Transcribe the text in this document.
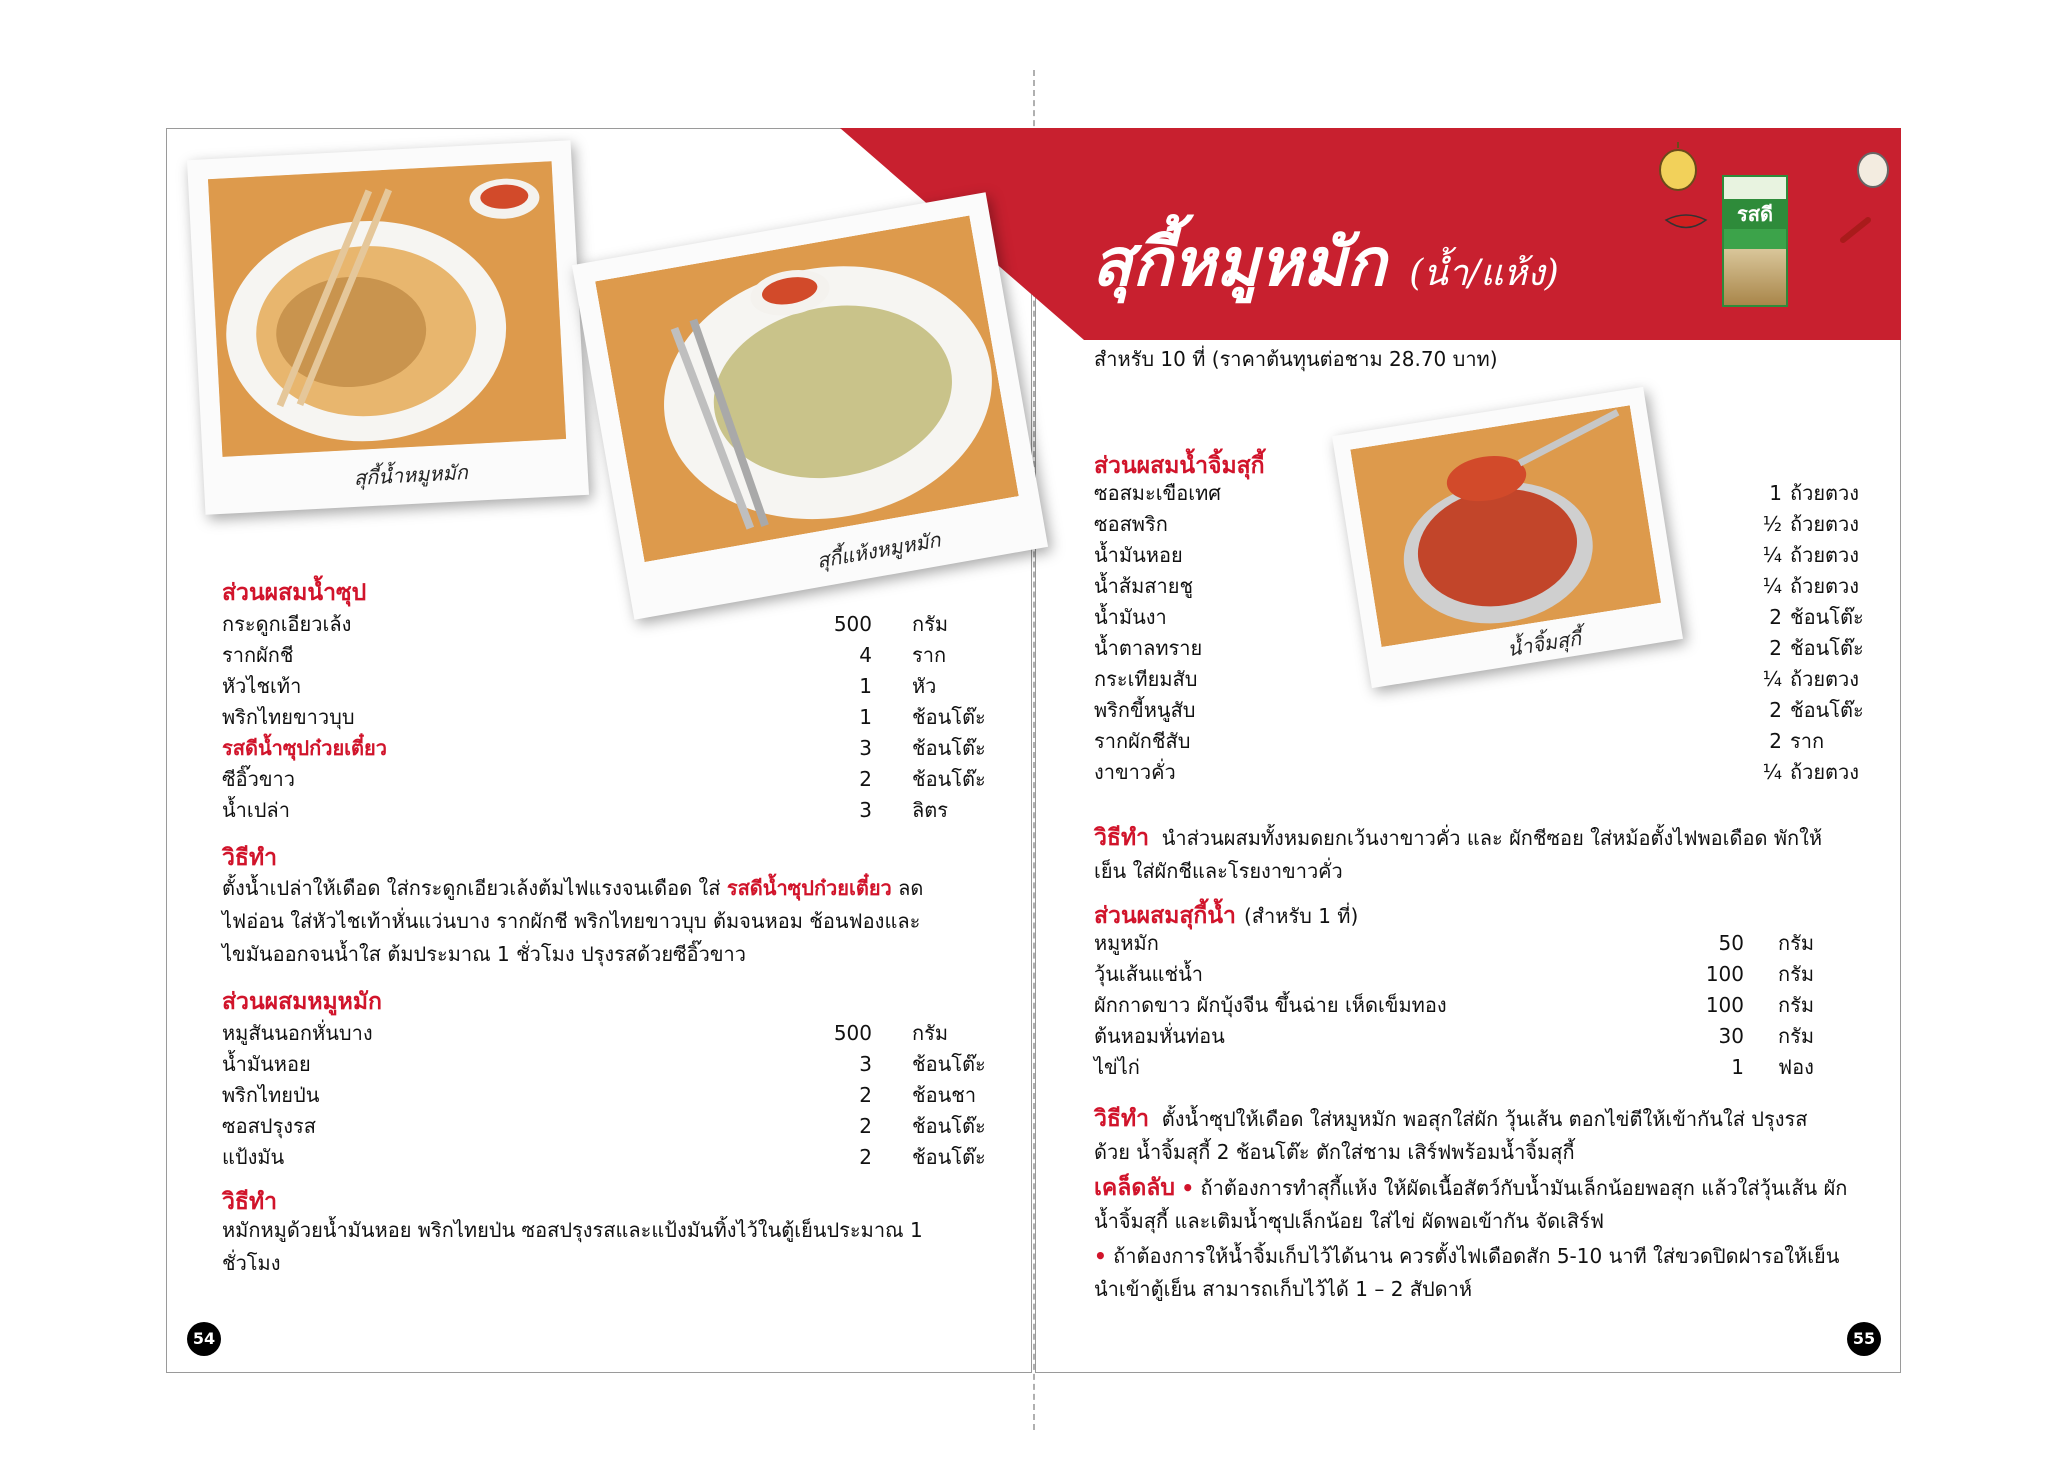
สุกี้หมูหมัก (น้ำ/แห้ง)
รสดี
สุกี้น้ำหมูหมัก
สุกี้แห้งหมูหมัก
น้ำจิ้มสุกี้
ส่วนผสมน้ำซุป
กระดูกเอียวเล้ง	500 กรัม
รากผักชี	4 ราก
หัวไชเท้า	1 หัว
พริกไทยขาวบุบ	1 ช้อนโต๊ะ
รสดีน้ำซุปก๋วยเตี๋ยว	3 ช้อนโต๊ะ
ซีอิ๊วขาว	2 ช้อนโต๊ะ
น้ำเปล่า	3 ลิตร
วิธีทำ
ตั้งน้ำเปล่าให้เดือด ใส่กระดูกเอียวเล้งต้มไฟแรงจนเดือด ใส่ รสดีน้ำซุปก๋วยเตี๋ยว ลดไฟอ่อน ใส่หัวไชเท้าหั่นแว่นบาง รากผักชี พริกไทยขาวบุบ ต้มจนหอม ช้อนฟองและไขมันออกจนน้ำใส ต้มประมาณ 1 ชั่วโมง ปรุงรสด้วยซีอิ๊วขาว
ส่วนผสมหมูหมัก
หมูสันนอกหั่นบาง	500 กรัม
น้ำมันหอย	3 ช้อนโต๊ะ
พริกไทยป่น	2 ช้อนชา
ซอสปรุงรส	2 ช้อนโต๊ะ
แป้งมัน	2 ช้อนโต๊ะ
วิธีทำ
หมักหมูด้วยน้ำมันหอย พริกไทยป่น ซอสปรุงรสและแป้งมันทิ้งไว้ในตู้เย็นประมาณ 1 ชั่วโมง
54
สำหรับ 10 ที่ (ราคาต้นทุนต่อชาม 28.70 บาท)
ส่วนผสมน้ำจิ้มสุกี้
ซอสมะเขือเทศ	1 ถ้วยตวง
ซอสพริก	½ ถ้วยตวง
น้ำมันหอย	¼ ถ้วยตวง
น้ำส้มสายชู	¼ ถ้วยตวง
น้ำมันงา	2 ช้อนโต๊ะ
น้ำตาลทราย	2 ช้อนโต๊ะ
กระเทียมสับ	¼ ถ้วยตวง
พริกขี้หนูสับ	2 ช้อนโต๊ะ
รากผักชีสับ	2 ราก
งาขาวคั่ว	¼ ถ้วยตวง
วิธีทำ นำส่วนผสมทั้งหมดยกเว้นงาขาวคั่ว และ ผักชีซอย ใส่หม้อตั้งไฟพอเดือด พักให้เย็น ใส่ผักชีและโรยงาขาวคั่ว
ส่วนผสมสุกี้น้ำ (สำหรับ 1 ที่)
หมูหมัก	50 กรัม
วุ้นเส้นแช่น้ำ	100 กรัม
ผักกาดขาว ผักบุ้งจีน ขึ้นฉ่าย เห็ดเข็มทอง	100 กรัม
ต้นหอมหั่นท่อน	30 กรัม
ไข่ไก่	1 ฟอง
วิธีทำ ตั้งน้ำซุปให้เดือด ใส่หมูหมัก พอสุกใส่ผัก วุ้นเส้น ตอกไข่ตีให้เข้ากันใส่ ปรุงรสด้วย น้ำจิ้มสุกี้ 2 ช้อนโต๊ะ ตักใส่ชาม เสิร์ฟพร้อมน้ำจิ้มสุกี้
เคล็ดลับ • ถ้าต้องการทำสุกี้แห้ง ให้ผัดเนื้อสัตว์กับน้ำมันเล็กน้อยพอสุก แล้วใส่วุ้นเส้น ผัก น้ำจิ้มสุกี้ และเติมน้ำซุปเล็กน้อย ใส่ไข่ ผัดพอเข้ากัน จัดเสิร์ฟ
• ถ้าต้องการให้น้ำจิ้มเก็บไว้ได้นาน ควรตั้งไฟเดือดสัก 5-10 นาที ใส่ขวดปิดฝารอให้เย็น นำเข้าตู้เย็น สามารถเก็บไว้ได้ 1 – 2 สัปดาห์
55
